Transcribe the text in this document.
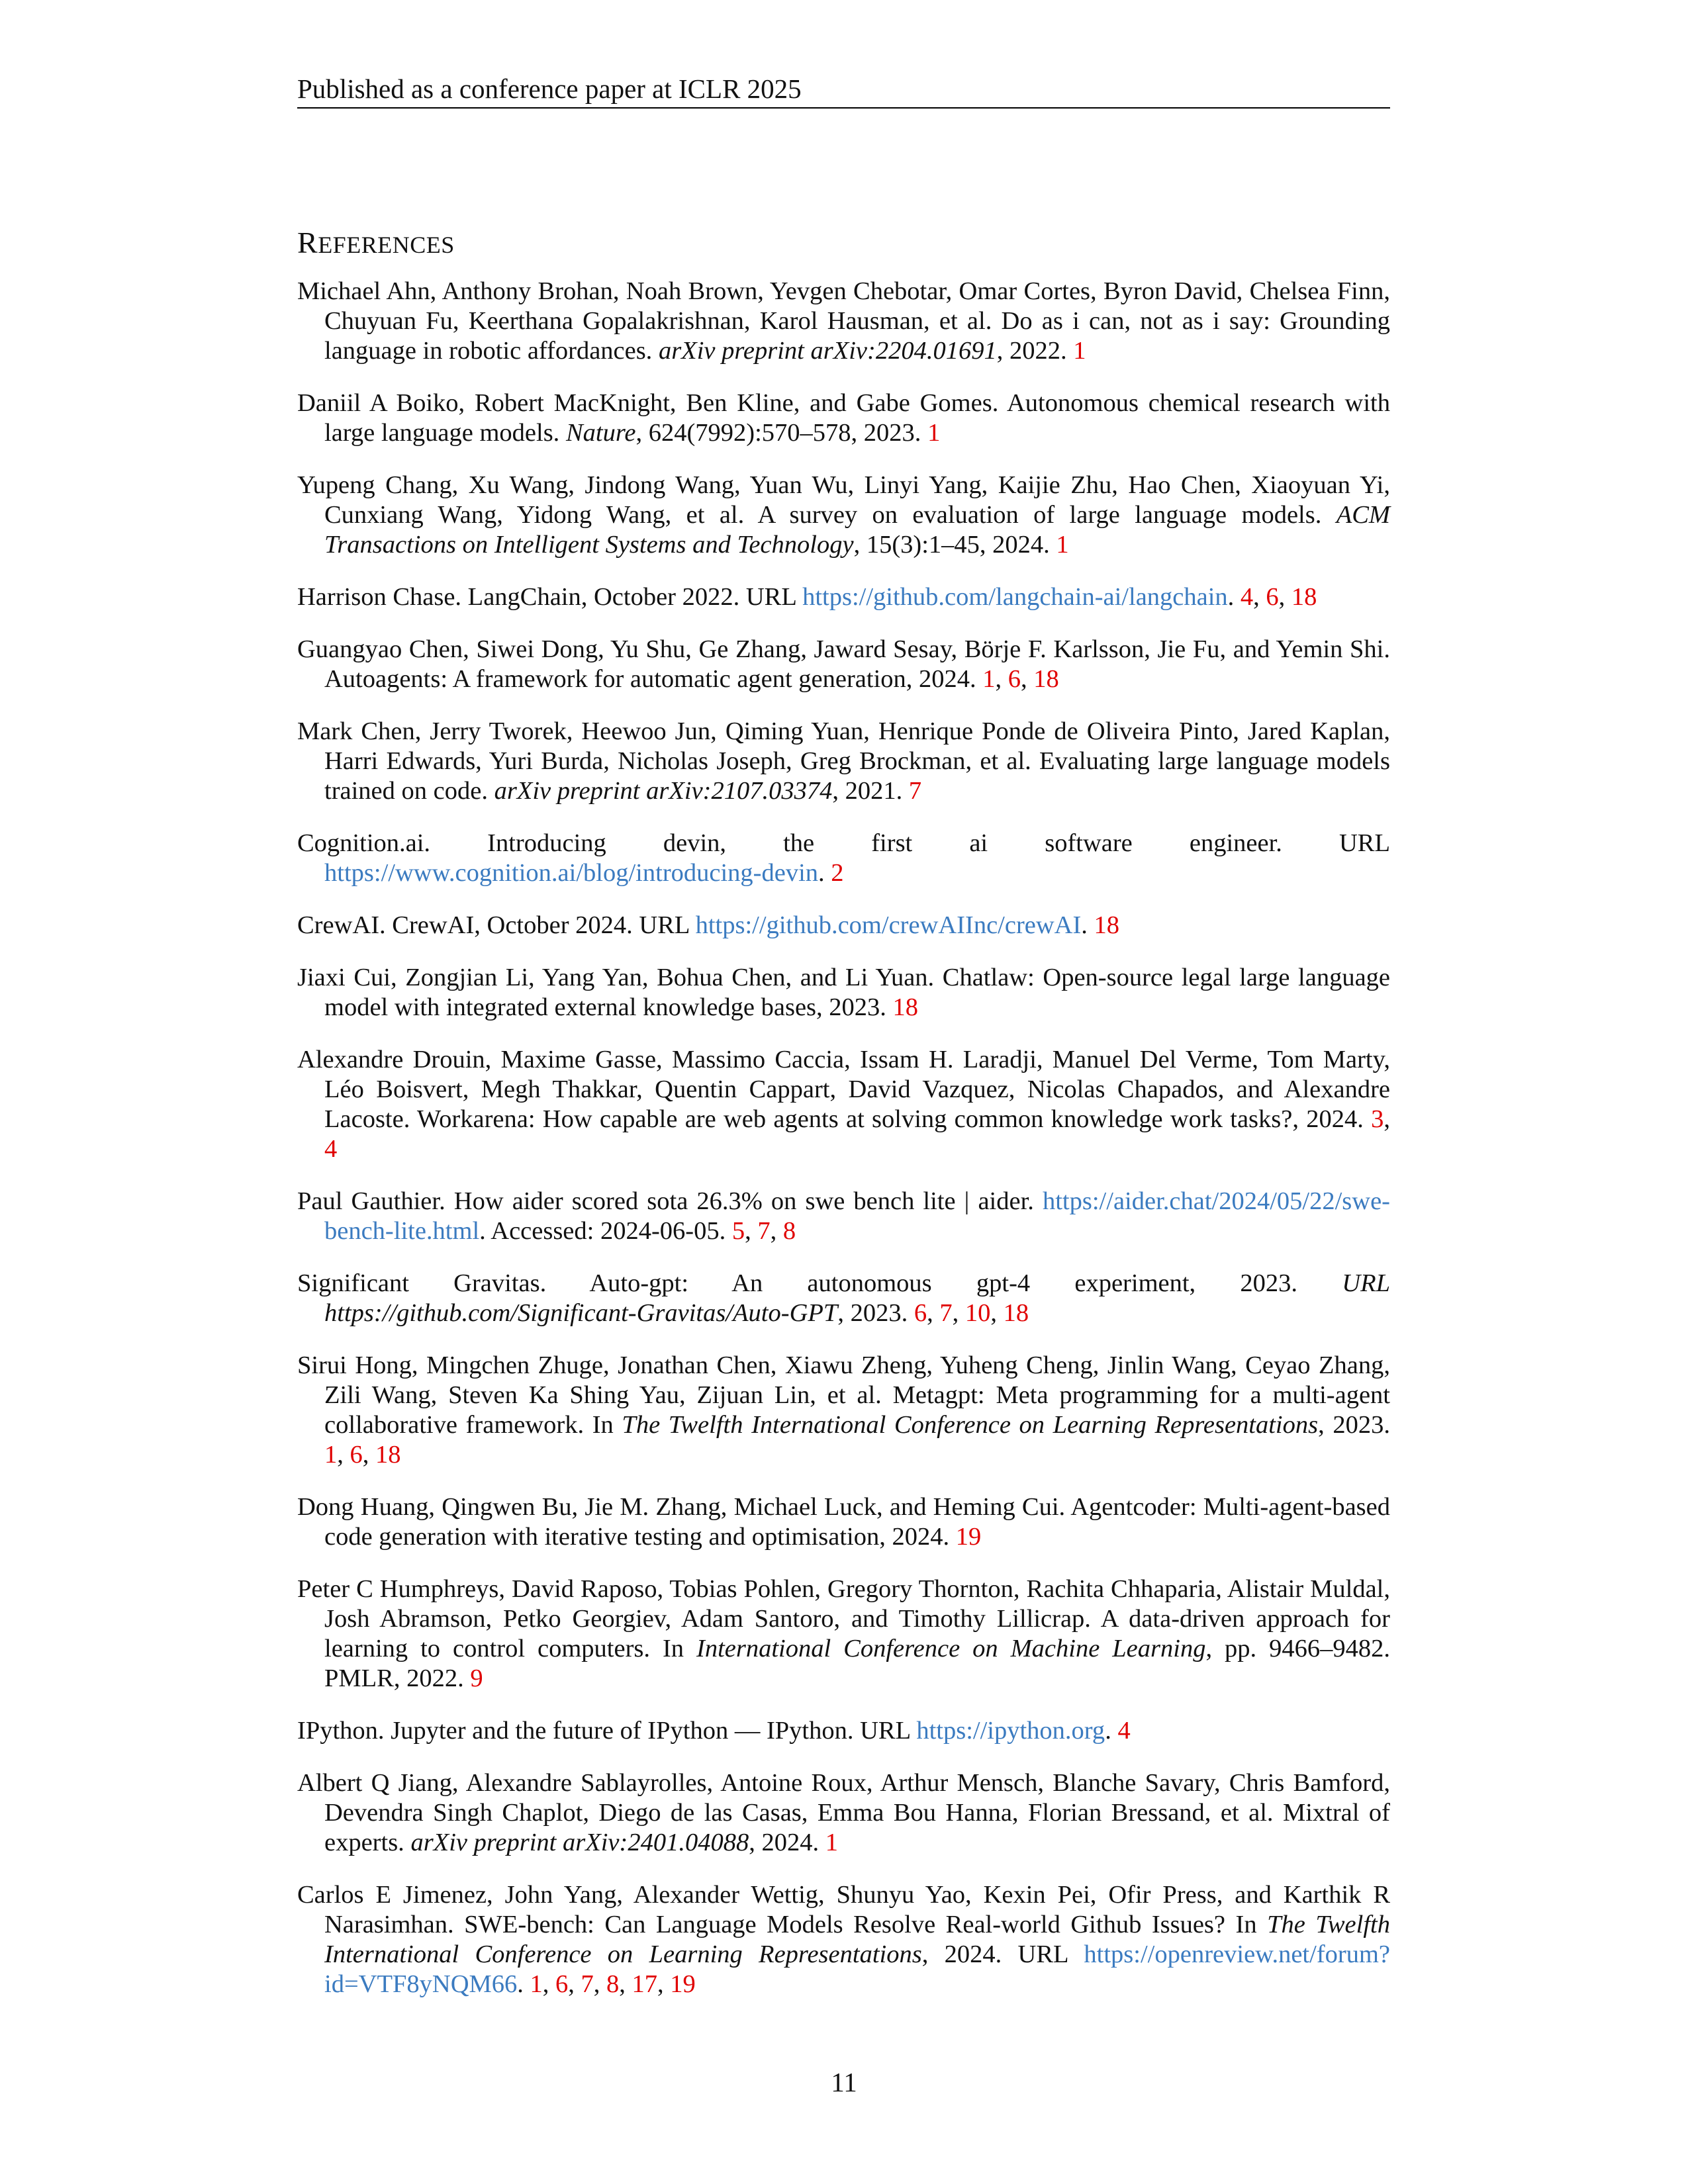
Published as a conference paper at ICLR 2025
REFERENCES

Michael Ahn, Anthony Brohan, Noah Brown, Yevgen Chebotar, Omar Cortes, Byron David, Chelsea Finn, Chuyuan Fu, Keerthana Gopalakrishnan, Karol Hausman, et al. Do as i can, not as i say: Grounding language in robotic affordances. arXiv preprint arXiv:2204.01691, 2022. 1

Daniil A Boiko, Robert MacKnight, Ben Kline, and Gabe Gomes. Autonomous chemical research with large language models. Nature, 624(7992):570–578, 2023. 1

Yupeng Chang, Xu Wang, Jindong Wang, Yuan Wu, Linyi Yang, Kaijie Zhu, Hao Chen, Xiaoyuan Yi, Cunxiang Wang, Yidong Wang, et al. A survey on evaluation of large language models. ACM Transactions on Intelligent Systems and Technology, 15(3):1–45, 2024. 1

Harrison Chase. LangChain, October 2022. URL https://github.com/langchain-ai/langchain. 4, 6, 18

Guangyao Chen, Siwei Dong, Yu Shu, Ge Zhang, Jaward Sesay, Börje F. Karlsson, Jie Fu, and Yemin Shi. Autoagents: A framework for automatic agent generation, 2024. 1, 6, 18

Mark Chen, Jerry Tworek, Heewoo Jun, Qiming Yuan, Henrique Ponde de Oliveira Pinto, Jared Kaplan, Harri Edwards, Yuri Burda, Nicholas Joseph, Greg Brockman, et al. Evaluating large language models trained on code. arXiv preprint arXiv:2107.03374, 2021. 7

Cognition.ai. Introducing devin, the first ai software engineer. URL https://www.cognition.ai/blog/introducing-devin. 2

CrewAI. CrewAI, October 2024. URL https://github.com/crewAIInc/crewAI. 18

Jiaxi Cui, Zongjian Li, Yang Yan, Bohua Chen, and Li Yuan. Chatlaw: Open-source legal large language model with integrated external knowledge bases, 2023. 18

Alexandre Drouin, Maxime Gasse, Massimo Caccia, Issam H. Laradji, Manuel Del Verme, Tom Marty, Léo Boisvert, Megh Thakkar, Quentin Cappart, David Vazquez, Nicolas Chapados, and Alexandre Lacoste. Workarena: How capable are web agents at solving common knowledge work tasks?, 2024. 3, 4

Paul Gauthier. How aider scored sota 26.3% on swe bench lite | aider. https://aider.chat/2024/05/22/swe-bench-lite.html. Accessed: 2024-06-05. 5, 7, 8

Significant Gravitas. Auto-gpt: An autonomous gpt-4 experiment, 2023. URL https://github.com/Significant-Gravitas/Auto-GPT, 2023. 6, 7, 10, 18

Sirui Hong, Mingchen Zhuge, Jonathan Chen, Xiawu Zheng, Yuheng Cheng, Jinlin Wang, Ceyao Zhang, Zili Wang, Steven Ka Shing Yau, Zijuan Lin, et al. Metagpt: Meta programming for a multi-agent collaborative framework. In The Twelfth International Conference on Learning Representations, 2023. 1, 6, 18

Dong Huang, Qingwen Bu, Jie M. Zhang, Michael Luck, and Heming Cui. Agentcoder: Multi-agent-based code generation with iterative testing and optimisation, 2024. 19

Peter C Humphreys, David Raposo, Tobias Pohlen, Gregory Thornton, Rachita Chhaparia, Alistair Muldal, Josh Abramson, Petko Georgiev, Adam Santoro, and Timothy Lillicrap. A data-driven approach for learning to control computers. In International Conference on Machine Learning, pp. 9466–9482. PMLR, 2022. 9

IPython. Jupyter and the future of IPython — IPython. URL https://ipython.org. 4

Albert Q Jiang, Alexandre Sablayrolles, Antoine Roux, Arthur Mensch, Blanche Savary, Chris Bamford, Devendra Singh Chaplot, Diego de las Casas, Emma Bou Hanna, Florian Bressand, et al. Mixtral of experts. arXiv preprint arXiv:2401.04088, 2024. 1

Carlos E Jimenez, John Yang, Alexander Wettig, Shunyu Yao, Kexin Pei, Ofir Press, and Karthik R Narasimhan. SWE-bench: Can Language Models Resolve Real-world Github Issues? In The Twelfth International Conference on Learning Representations, 2024. URL https://openreview.net/forum?id=VTF8yNQM66. 1, 6, 7, 8, 17, 19

11
